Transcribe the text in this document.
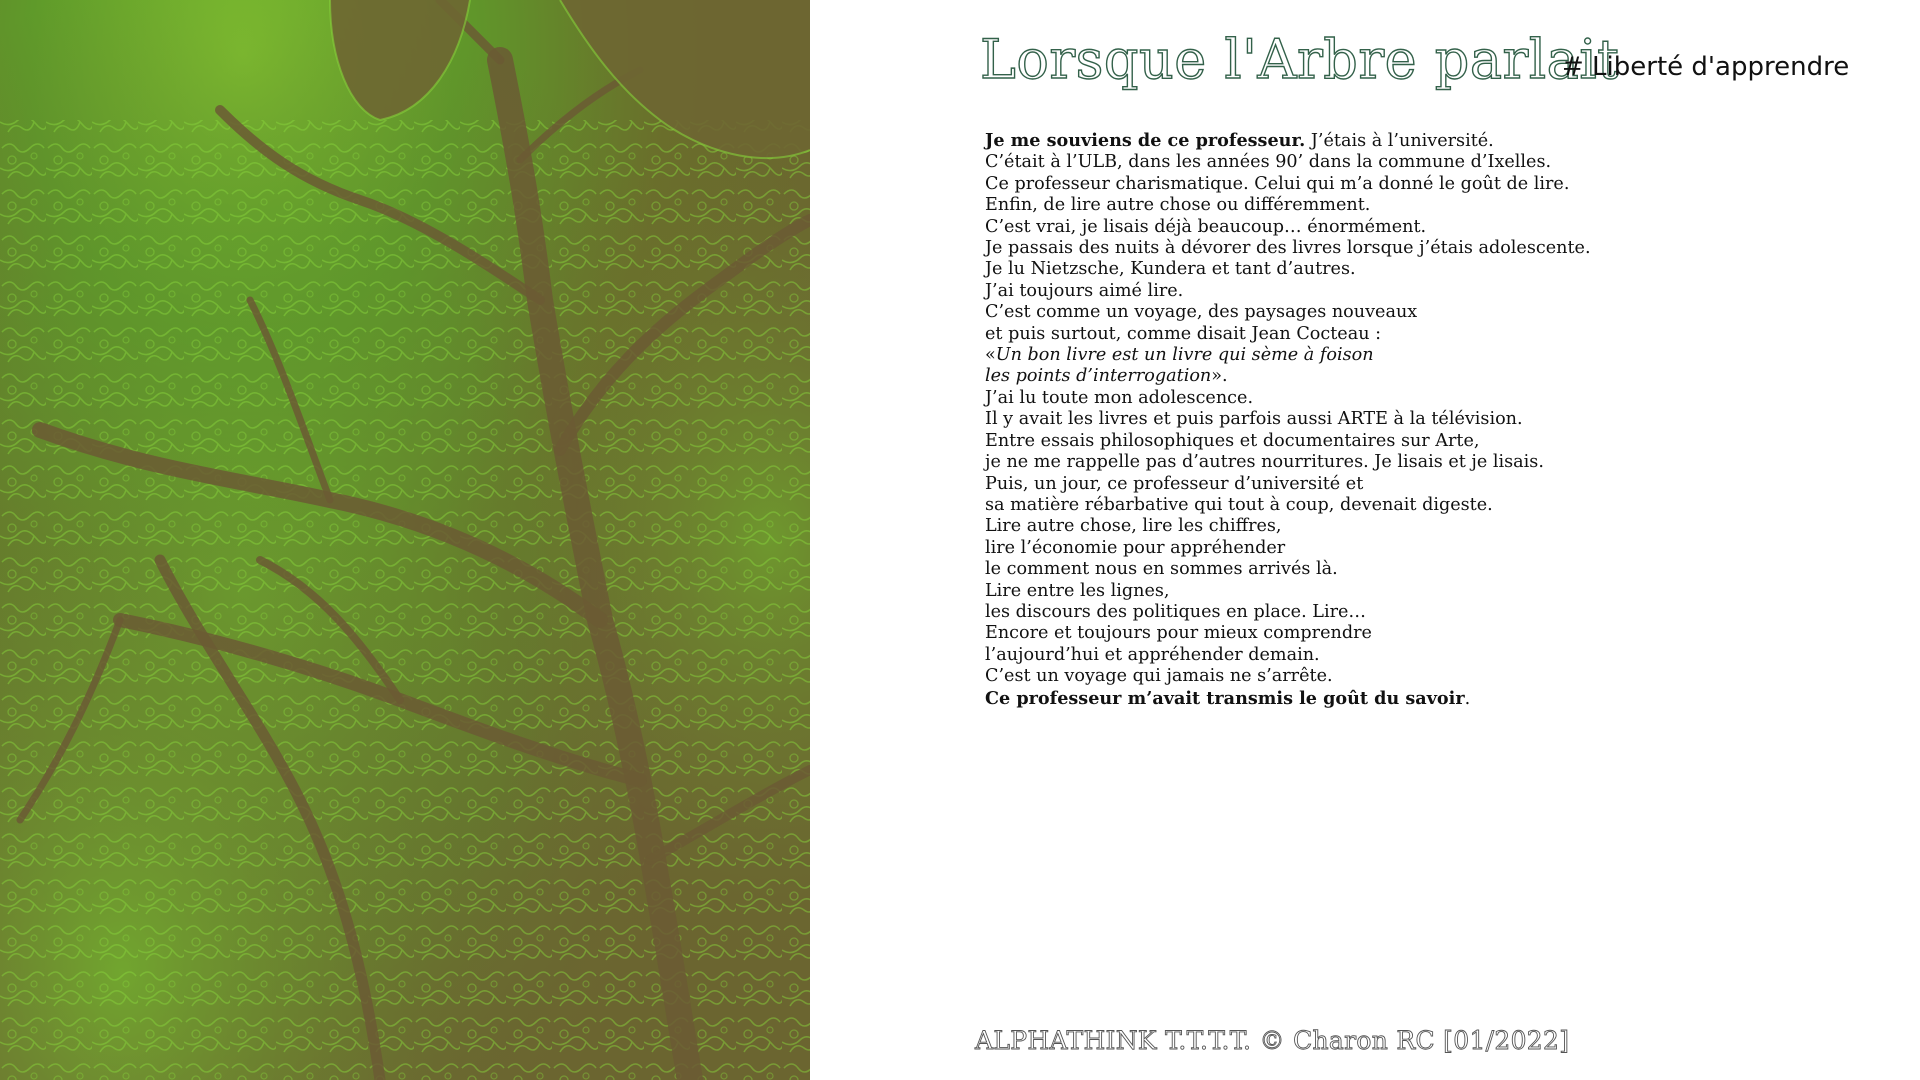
Lorsque l'Arbre parlait
# Liberté d'apprendre
Je me souviens de ce professeur. J’étais à l’université.
C’était à l’ULB, dans les années 90’ dans la commune d’Ixelles.
Ce professeur charismatique. Celui qui m’a donné le goût de lire.
Enfin, de lire autre chose ou différemment.
C’est vrai, je lisais déjà beaucoup… énormément.
Je passais des nuits à dévorer des livres lorsque j’étais adolescente.
Je lu Nietzsche, Kundera et tant d’autres.
J’ai toujours aimé lire.
C’est comme un voyage, des paysages nouveaux
et puis surtout, comme disait Jean Cocteau :
«Un bon livre est un livre qui sème à foison
les points d’interrogation».
J’ai lu toute mon adolescence.
Il y avait les livres et puis parfois aussi ARTE à la télévision.
Entre essais philosophiques et documentaires sur Arte,
je ne me rappelle pas d’autres nourritures. Je lisais et je lisais.
Puis, un jour, ce professeur d’université et
sa matière rébarbative qui tout à coup, devenait digeste.
Lire autre chose, lire les chiffres,
lire l’économie pour appréhender
le comment nous en sommes arrivés là.
Lire entre les lignes,
les discours des politiques en place. Lire…
Encore et toujours pour mieux comprendre
l’aujourd’hui et appréhender demain.
C’est un voyage qui jamais ne s’arrête.
Ce professeur m’avait transmis le goût du savoir.
ALPHATHINK T.T.T.T. © Charon RC [01/2022]
